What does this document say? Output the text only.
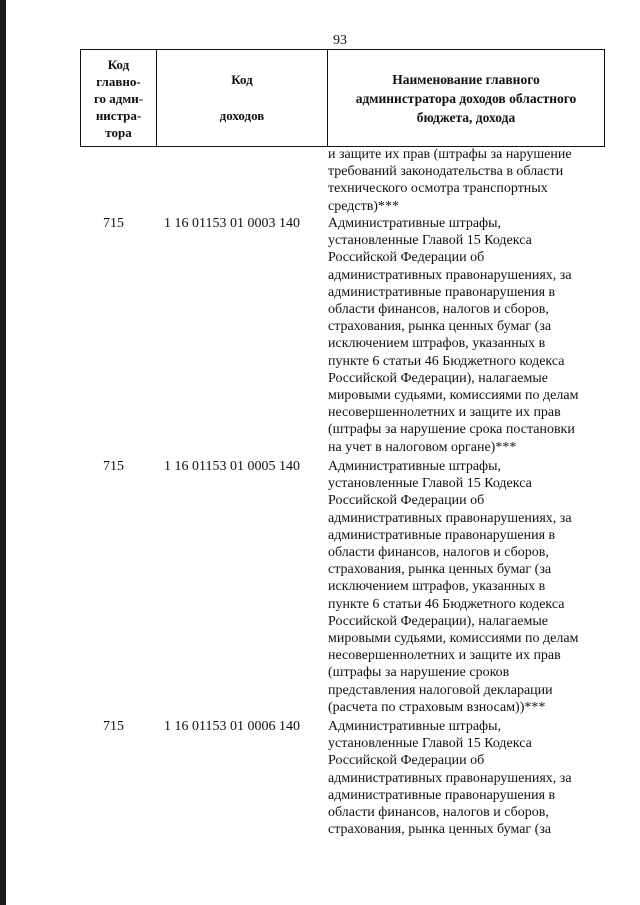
93
Код
главно-
го адми-
нистра-
тора	Код
доходов	Наименование главного
администратора доходов областного
бюджета, дохода
и защите их прав (штрафы за нарушение
требований законодательства в области
технического осмотра транспортных
средств)***
715	1 16 01153 01 0003 140	Административные штрафы,
установленные Главой 15 Кодекса
Российской Федерации об
административных правонарушениях, за
административные правонарушения в
области финансов, налогов и сборов,
страхования, рынка ценных бумаг (за
исключением штрафов, указанных в
пункте 6 статьи 46 Бюджетного кодекса
Российской Федерации), налагаемые
мировыми судьями, комиссиями по делам
несовершеннолетних и защите их прав
(штрафы за нарушение срока постановки
на учет в налоговом органе)***
715	1 16 01153 01 0005 140	Административные штрафы,
установленные Главой 15 Кодекса
Российской Федерации об
административных правонарушениях, за
административные правонарушения в
области финансов, налогов и сборов,
страхования, рынка ценных бумаг (за
исключением штрафов, указанных в
пункте 6 статьи 46 Бюджетного кодекса
Российской Федерации), налагаемые
мировыми судьями, комиссиями по делам
несовершеннолетних и защите их прав
(штрафы за нарушение сроков
представления налоговой декларации
(расчета по страховым взносам))***
715	1 16 01153 01 0006 140	Административные штрафы,
установленные Главой 15 Кодекса
Российской Федерации об
административных правонарушениях, за
административные правонарушения в
области финансов, налогов и сборов,
страхования, рынка ценных бумаг (за
